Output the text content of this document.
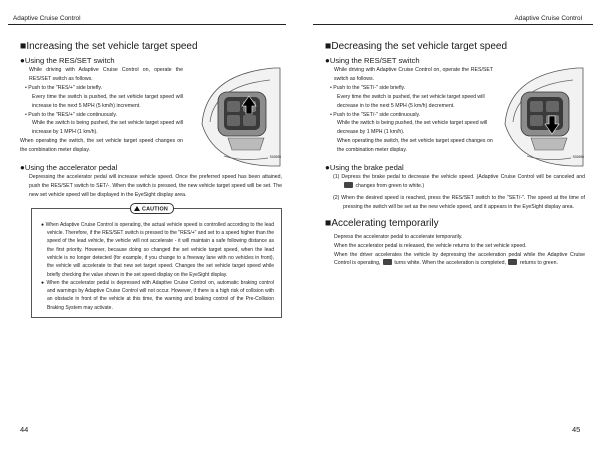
Adaptive Cruise Control	Adaptive Cruise Control
■Increasing the set vehicle target speed
●Using the RES/SET switch

While driving with Adaptive Cruise Control on, operate the RES/SET switch as follows.

• Push to the "RES/+" side briefly.

Every time the switch is pushed, the set vehicle target speed will increase to the next 5 MPH (5 km/h) increment.

• Push to the "RES/+" side continuously.

While the switch is being pushed, the set vehicle target speed will increase by 1 MPH (1 km/h).

When operating the switch, the set vehicle target speed changes on the combination meter display.

S02695
●Using the accelerator pedal

Depressing the accelerator pedal will increase vehicle speed. Once the preferred speed has been attained, push the RES/SET switch to SET/-. When the switch is pressed, the new vehicle target speed will be set. The new set vehicle speed will be displayed in the EyeSight display area.

CAUTION

● When Adaptive Cruise Control is operating, the actual vehicle speed is controlled according to the lead vehicle. Therefore, if the RES/SET switch is pressed to the "RES/+" and set to a speed higher than the speed of the lead vehicle, the vehicle will not accelerate - it will maintain a safe following distance as the first priority. However, because doing so changed the set vehicle target speed, when the lead vehicle is no longer detected (for example, if you change to a freeway lane with no vehicles in front), the vehicle will accelerate to that new set target speed. Changes the set vehicle target speed while briefly checking the value shown in the set speed display on the EyeSight display.

● When the accelerator pedal is depressed with Adaptive Cruise Control on, automatic braking control and warnings by Adaptive Cruise Control will not occur. However, if there is a high risk of collision with an obstacle in front of the vehicle at this time, the warning and braking control of the Pre-Collision Braking System may activate.

■Decreasing the set vehicle target speed
●Using the RES/SET switch

While driving with Adaptive Cruise Control on, operate the RES/SET switch as follows.

• Push to the "SET/-" side briefly.

Every time the switch is pushed, the set vehicle target speed will decrease in to the next 5 MPH (5 km/h) decrement.

• Push to the "SET/-" side continuously.

While the switch is being pushed, the set vehicle target speed will decrease by 1 MPH (1 km/h).

When operating the switch, the set vehicle target speed changes on the combination meter display.

S02696
●Using the brake pedal

(1) Depress the brake pedal to decrease the vehicle speed. (Adaptive Cruise Control will be canceled and  changes from green to white.)

(2) When the desired speed is reached, press the RES/SET switch to the "SET/-". The speed at the time of pressing the switch will be set as the new vehicle speed, and it appears in the EyeSight display area.

■Accelerating temporarily

Depress the accelerator pedal to accelerate temporarily.

When the accelerator pedal is released, the vehicle returns to the set vehicle speed.

When the driver accelerates the vehicle by depressing the acceleration pedal while the Adaptive Cruise Control is operating,	turns white. When the acceleration is completed,	returns to green.

44	45
